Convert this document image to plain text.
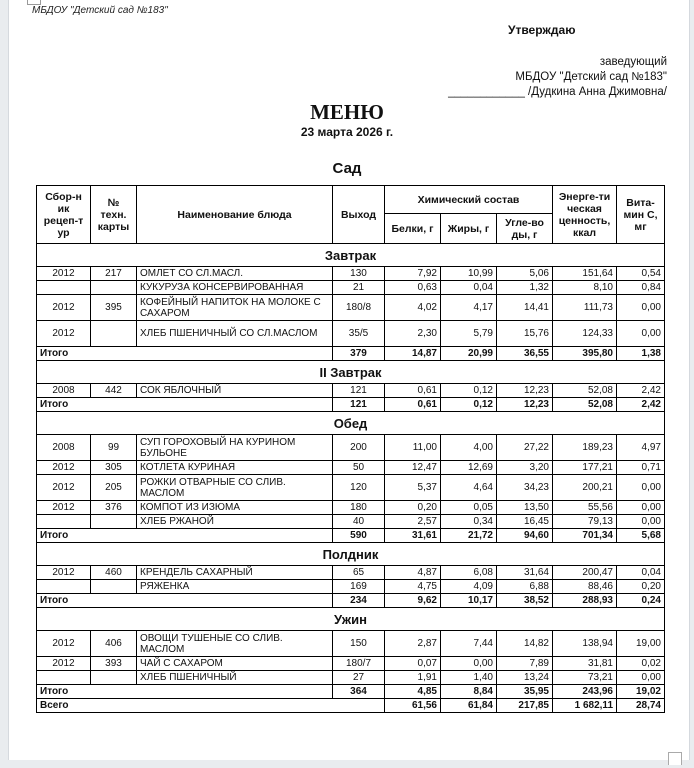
МБДОУ "Детский сад №183"
Утверждаю
заведующий
МБДОУ "Детский сад №183"
____________ /Дудкина Анна Джимовна/
МЕНЮ
23 марта 2026 г.
Сад
Сбор-н ик рецеп-т ур	№ техн. карты	Наименование блюда	Выход	Химический состав			Энерге-ти ческая ценность, ккал	Вита-мин С, мг
				Белки, г	Жиры, г	Угле-во ды, г		
Завтрак								
2012	217	ОМЛЕТ СО СЛ.МАСЛ.	130	7,92	10,99	5,06	151,64	0,54
		КУКУРУЗА КОНСЕРВИРОВАННАЯ	21	0,63	0,04	1,32	8,10	0,84
2012	395	КОФЕЙНЫЙ НАПИТОК НА МОЛОКЕ С САХАРОМ	180/8	4,02	4,17	14,41	111,73	0,00
2012		ХЛЕБ ПШЕНИЧНЫЙ СО СЛ.МАСЛОМ	35/5	2,30	5,79	15,76	124,33	0,00
Итого			379	14,87	20,99	36,55	395,80	1,38
II Завтрак								
2008	442	СОК ЯБЛОЧНЫЙ	121	0,61	0,12	12,23	52,08	2,42
Итого			121	0,61	0,12	12,23	52,08	2,42
Обед								
2008	99	СУП ГОРОХОВЫЙ НА КУРИНОМ БУЛЬОНЕ	200	11,00	4,00	27,22	189,23	4,97
2012	305	КОТЛЕТА КУРИНАЯ	50	12,47	12,69	3,20	177,21	0,71
2012	205	РОЖКИ ОТВАРНЫЕ СО СЛИВ. МАСЛОМ	120	5,37	4,64	34,23	200,21	0,00
2012	376	КОМПОТ ИЗ ИЗЮМА	180	0,20	0,05	13,50	55,56	0,00
		ХЛЕБ РЖАНОЙ	40	2,57	0,34	16,45	79,13	0,00
Итого			590	31,61	21,72	94,60	701,34	5,68
Полдник								
2012	460	КРЕНДЕЛЬ САХАРНЫЙ	65	4,87	6,08	31,64	200,47	0,04
		РЯЖЕНКА	169	4,75	4,09	6,88	88,46	0,20
Итого			234	9,62	10,17	38,52	288,93	0,24
Ужин								
2012	406	ОВОЩИ ТУШЕНЫЕ СО СЛИВ. МАСЛОМ	150	2,87	7,44	14,82	138,94	19,00
2012	393	ЧАЙ С САХАРОМ	180/7	0,07	0,00	7,89	31,81	0,02
		ХЛЕБ ПШЕНИЧНЫЙ	27	1,91	1,40	13,24	73,21	0,00
Итого			364	4,85	8,84	35,95	243,96	19,02
Всего				61,56	61,84	217,85	1 682,11	28,74
